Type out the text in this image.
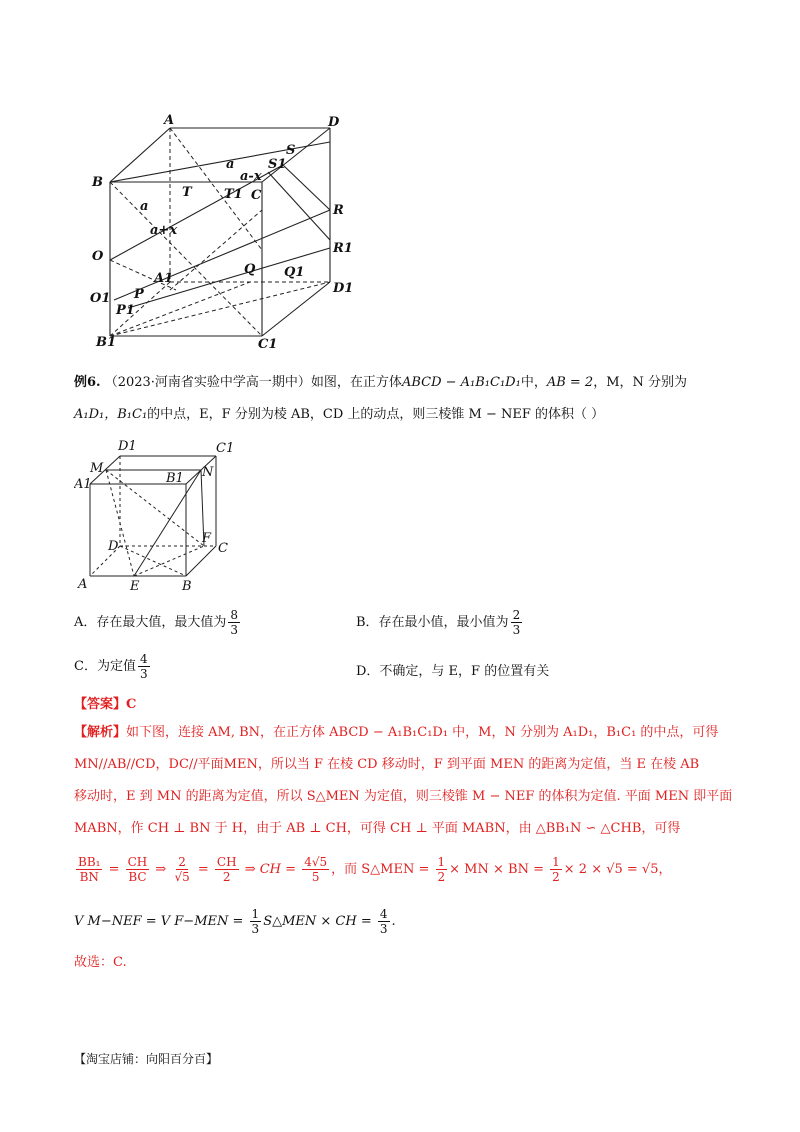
A	D
B
C
S
S1
T T1
a
a-x
a
a+x
O
O1 P
P1
A1
Q Q1
R
R1
D1
B1	C1
例6. （2023·河南省实验中学高一期中）如图，在正方体ABCD − A₁B₁C₁D₁中，AB = 2，M，N 分别为
A₁D₁，B₁C₁的中点，E，F 分别为棱 AB，CD 上的动点，则三棱锥 M − NEF 的体积（ ）
D1	C1
M
B1 N
A1
D
F
C
A	E	B
A．存在最大值，最大值为 $\frac{8}{3}$	B．存在最小值，最小值为 $\frac{2}{3}$
C．为定值 $\frac{4}{3}$	D．不确定，与 E，F 的位置有关
【答案】C
【解析】如下图，连接 AM, BN，在正方体 ABCD − A₁B₁C₁D₁ 中，M，N 分别为 A₁D₁，B₁C₁ 的中点，可得
MN//AB//CD，DC//平面MEN，所以当 F 在棱 CD 移动时，F 到平面 MEN 的距离为定值，当 E 在棱 AB
移动时，E 到 MN 的距离为定值，所以 S△MEN 为定值，则三棱锥 M − NEF 的体积为定值. 平面 MEN 即平面
MABN，作 CH ⊥ BN 于 H，由于 AB ⊥ CH，可得 CH ⊥ 平面 MABN，由 △BB₁N ∽ △CHB，可得
$\frac{\text{BB₁}}{BN} = \frac{CH}{BC}$ ⇒ $\frac{2}{√5} = \frac{CH}{2}$ ⇒ CH = $\frac{4√5}{5}$ ，而 S△MEN = $\frac{1}{2}$ × MN × BN = $\frac{1}{2} \times 2 \times √5 = √5$，
V M−NEF = V $F-MEN = \frac{1}{3}$ S△MEN × CH = $\frac{4}{3}$ .
故选：C.
【淘宝店铺：向阳百分百】
